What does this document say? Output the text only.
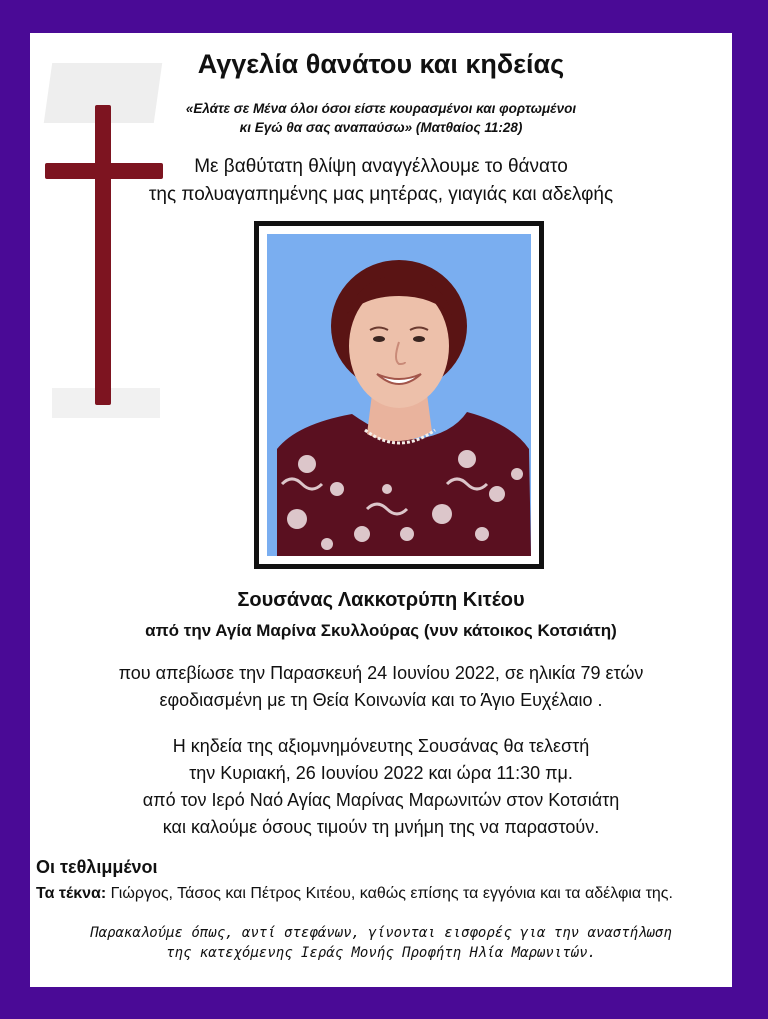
Αγγελία θανάτου και κηδείας
«Ελάτε σε Μένα όλοι όσοι είστε κουρασμένοι και φορτωμένοι
κι Εγώ θα σας αναπαύσω» (Ματθαίος 11:28)
Με βαθύτατη θλίψη αναγγέλλουμε το θάνατο
της πολυαγαπημένης μας μητέρας, γιαγιάς και αδελφής
Σουσάνας Λακκοτρύπη Κιτέου
από την Αγία Μαρίνα Σκυλλούρας (νυν κάτοικος Κοτσιάτη)
που απεβίωσε την Παρασκευή 24 Ιουνίου 2022, σε ηλικία 79 ετών
εφοδιασμένη με τη Θεία Κοινωνία και το Άγιο Ευχέλαιο .
Η κηδεία της αξιομνημόνευτης Σουσάνας θα τελεστή
την Κυριακή, 26 Ιουνίου 2022 και ώρα 11:30 πμ.
από τον Ιερό Ναό Αγίας Μαρίνας Μαρωνιτών στον Κοτσιάτη
και καλούμε όσους τιμούν τη μνήμη της να παραστούν.
Οι τεθλιμμένοι
Τα τέκνα: Γιώργος, Τάσος και Πέτρος Κιτέου, καθώς επίσης τα εγγόνια και τα αδέλφια της.
Παρακαλούμε όπως, αντί στεφάνων, γίνονται εισφορές για την αναστήλωση
της κατεχόμενης Ιεράς Μονής Προφήτη Ηλία Μαρωνιτών.
